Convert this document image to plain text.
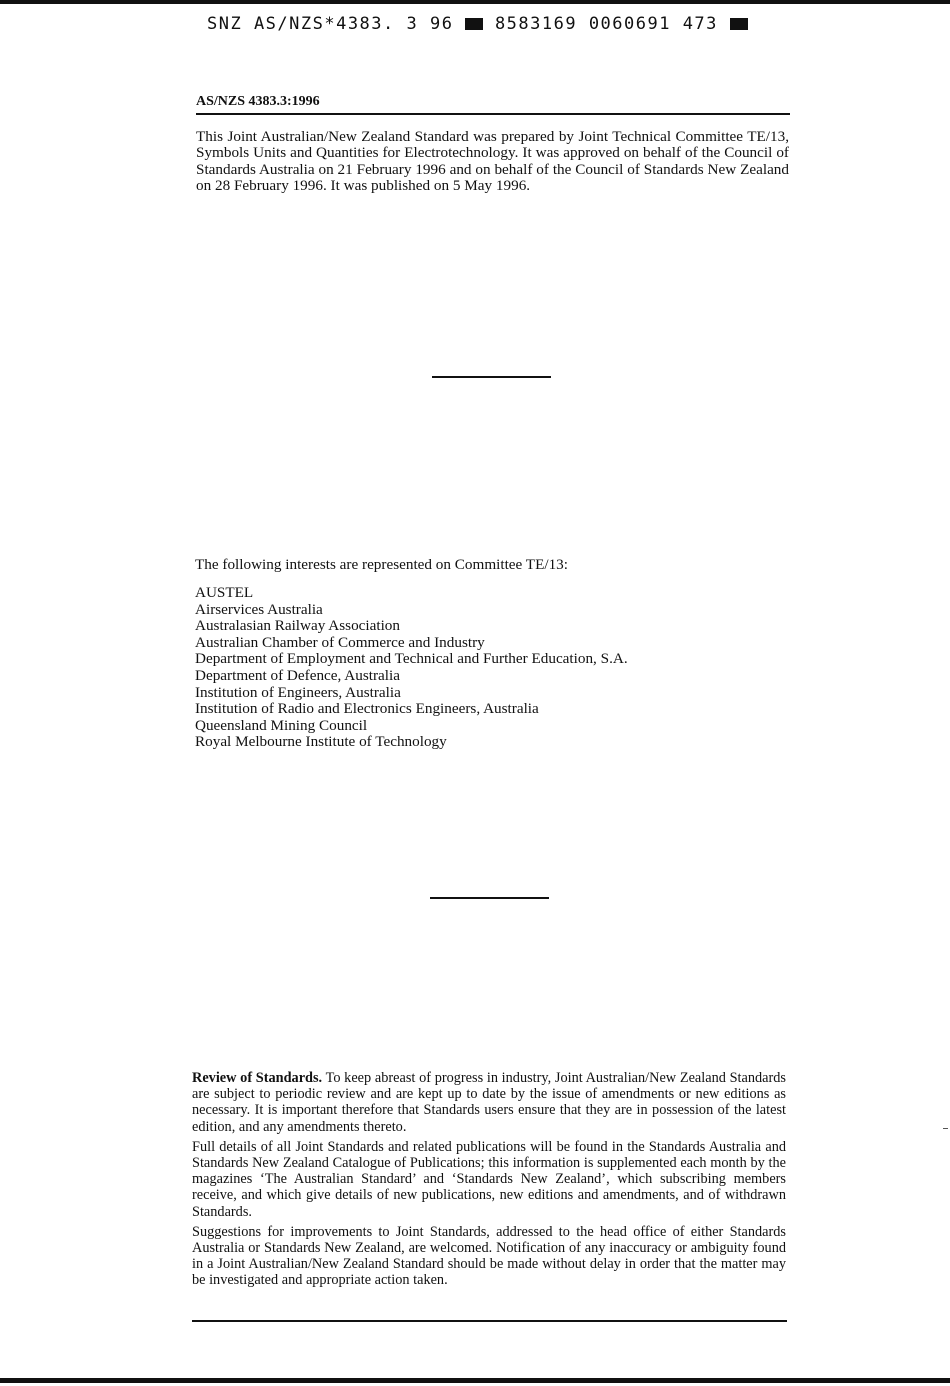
SNZ AS/NZS*4383. 3 96 8583169 0060691 473
AS/NZS 4383.3:1996

This Joint Australian/New Zealand Standard was prepared by Joint Technical Committee TE/13, Symbols Units and Quantities for Electrotechnology. It was approved on behalf of the Council of Standards Australia on 21 February 1996 and on behalf of the Council of Standards New Zealand on 28 February 1996. It was published on 5 May 1996.

The following interests are represented on Committee TE/13:

AUSTEL
Airservices Australia
Australasian Railway Association
Australian Chamber of Commerce and Industry
Department of Employment and Technical and Further Education, S.A.
Department of Defence, Australia
Institution of Engineers, Australia
Institution of Radio and Electronics Engineers, Australia
Queensland Mining Council
Royal Melbourne Institute of Technology

Review of Standards. To keep abreast of progress in industry, Joint Australian/New Zealand Standards are subject to periodic review and are kept up to date by the issue of amendments or new editions as necessary. It is important therefore that Standards users ensure that they are in possession of the latest edition, and any amendments thereto.

Full details of all Joint Standards and related publications will be found in the Standards Australia and Standards New Zealand Catalogue of Publications; this information is supplemented each month by the magazines ‘The Australian Standard’ and ‘Standards New Zealand’, which subscribing members receive, and which give details of new publications, new editions and amendments, and of withdrawn Standards.

Suggestions for improvements to Joint Standards, addressed to the head office of either Standards Australia or Standards New Zealand, are welcomed. Notification of any inaccuracy or ambiguity found in a Joint Australian/New Zealand Standard should be made without delay in order that the matter may be investigated and appropriate action taken.
